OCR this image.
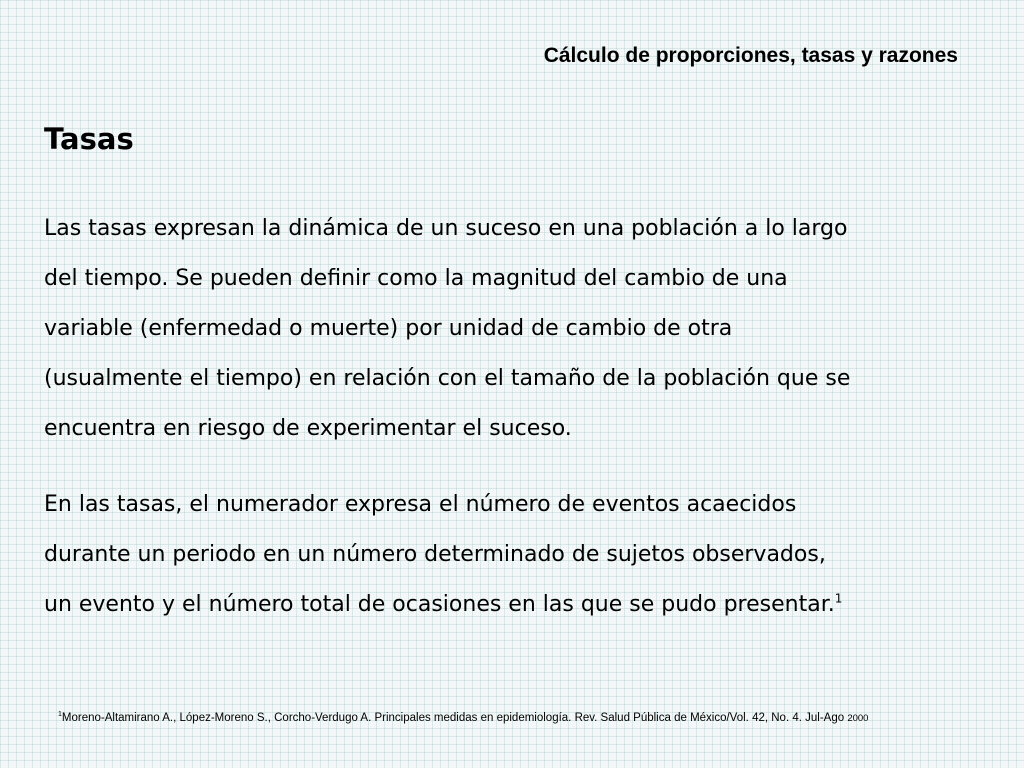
Cálculo de proporciones, tasas y razones
Tasas
Las tasas expresan la dinámica de un suceso en una población a lo largo
del tiempo. Se pueden definir como la magnitud del cambio de una
variable (enfermedad o muerte) por unidad de cambio de otra
(usualmente el tiempo) en relación con el tamaño de la población que se
encuentra en riesgo de experimentar el suceso.
En las tasas, el numerador expresa el número de eventos acaecidos
durante un periodo en un número determinado de sujetos observados,
un evento y el número total de ocasiones en las que se pudo presentar.$^1$
$^1$Moreno-Altamirano A., López-Moreno S., Corcho-Verdugo A. Principales medidas en epidemiología. Rev. Salud Pública de México/Vol. 42, No. 4. Jul-Ago 2000
